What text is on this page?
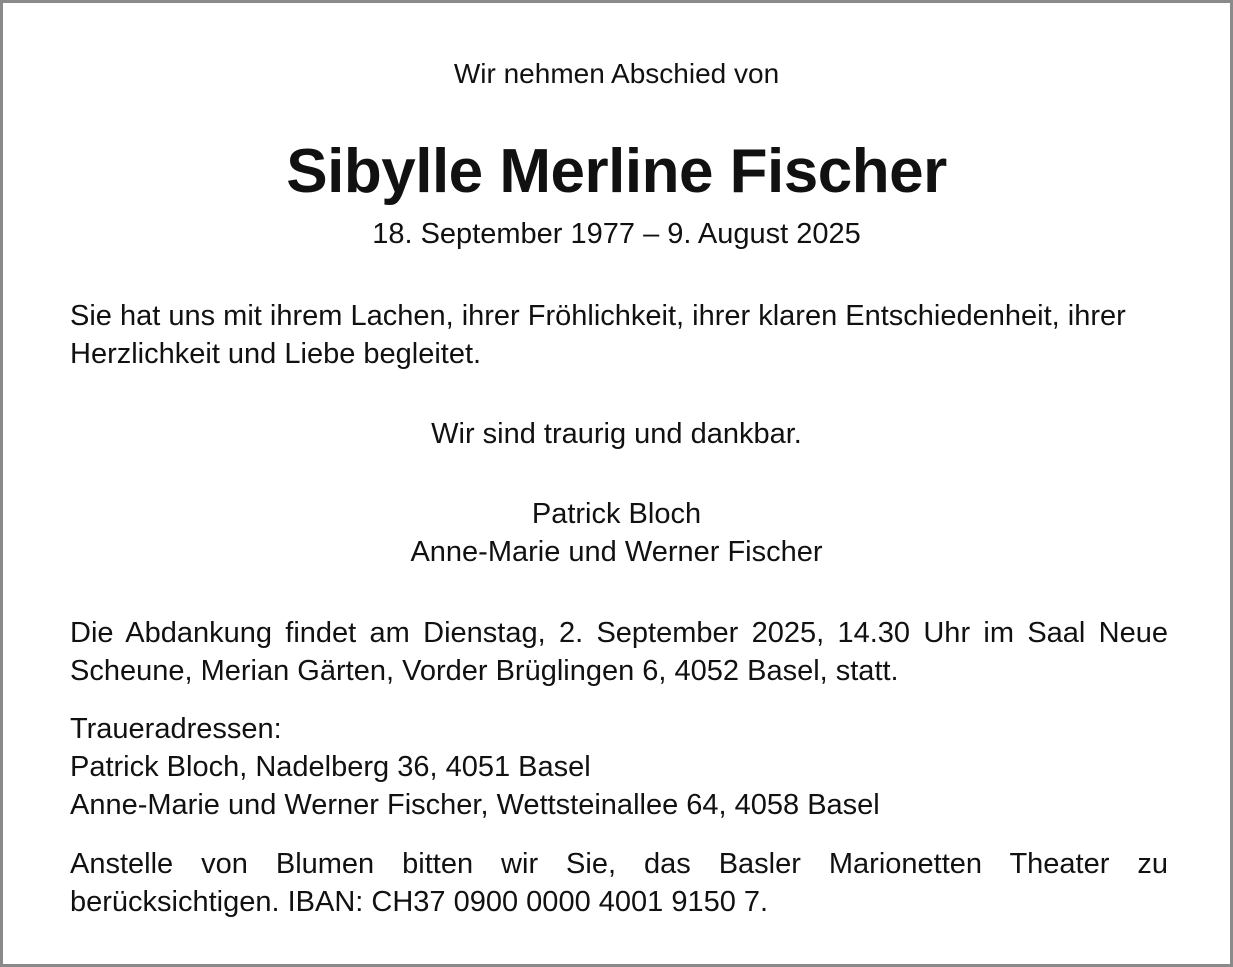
Wir nehmen Abschied von
Sibylle Merline Fischer
18. September 1977 – 9. August 2025

Sie hat uns mit ihrem Lachen, ihrer Fröhlichkeit, ihrer klaren Entschiedenheit, ihrer Herzlichkeit und Liebe begleitet.

Wir sind traurig und dankbar.
Patrick Bloch
Anne-Marie und Werner Fischer

Die Abdankung findet am Dienstag, 2. September 2025, 14.30 Uhr im Saal Neue Scheune, Merian Gärten, Vorder Brüglingen 6, 4052 Basel, statt.

Traueradressen:
Patrick Bloch, Nadelberg 36, 4051 Basel
Anne-Marie und Werner Fischer, Wettsteinallee 64, 4058 Basel

Anstelle von Blumen bitten wir Sie, das Basler Marionetten Theater zu berücksichtigen. IBAN: CH37 0900 0000 4001 9150 7.
